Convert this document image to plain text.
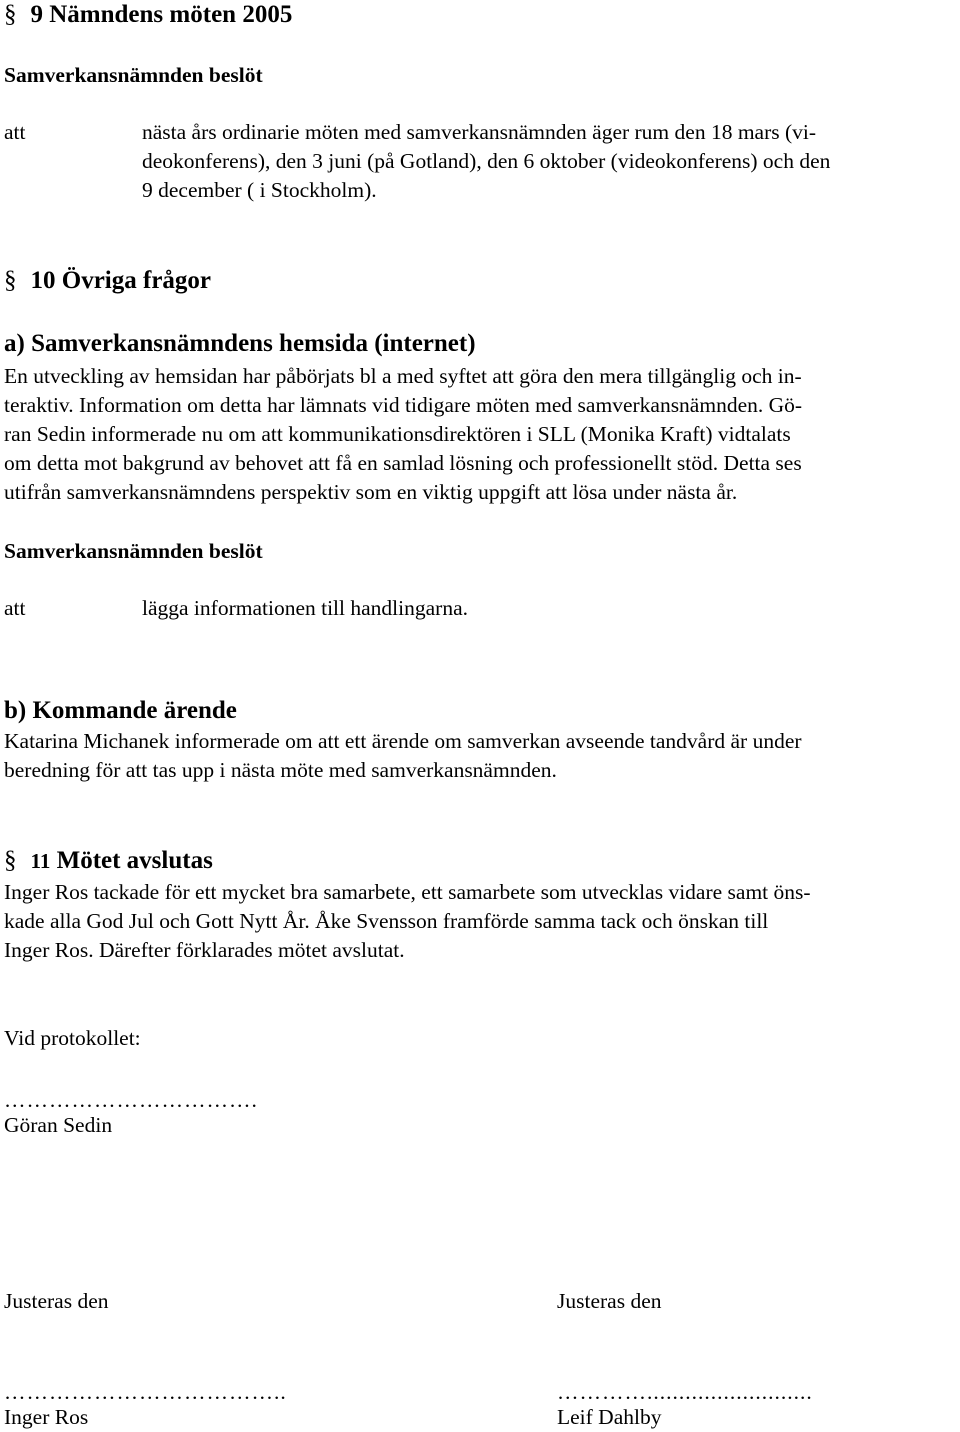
§ 9 Nämndens möten 2005
Samverkansnämnden beslöt
att	nästa års ordinarie möten med samverkansnämnden äger rum den 18 mars (vi-
deokonferens), den 3 juni (på Gotland), den 6 oktober (videokonferens) och den
9 december ( i Stockholm).
§ 10 Övriga frågor
a) Samverkansnämndens hemsida (internet)
En utveckling av hemsidan har påbörjats bl a med syftet att göra den mera tillgänglig och in-
teraktiv. Information om detta har lämnats vid tidigare möten med samverkansnämnden. Gö-
ran Sedin informerade nu om att kommunikationsdirektören i SLL (Monika Kraft) vidtalats
om detta mot bakgrund av behovet att få en samlad lösning och professionellt stöd. Detta ses
utifrån samverkansnämndens perspektiv som en viktig uppgift att lösa under nästa år.
Samverkansnämnden beslöt
att	lägga informationen till handlingarna.
b) Kommande ärende
Katarina Michanek informerade om att ett ärende om samverkan avseende tandvård är under
beredning för att tas upp i nästa möte med samverkansnämnden.
§ 11 Mötet avslutas
Inger Ros tackade för ett mycket bra samarbete, ett samarbete som utvecklas vidare samt öns-
kade alla God Jul och Gott Nytt År. Åke Svensson framförde samma tack och önskan till
Inger Ros. Därefter förklarades mötet avslutat.
Vid protokollet:
…………………………….
Göran Sedin
Justeras den	Justeras den
………………………………..	…………..........................
Inger Ros	Leif Dahlby
